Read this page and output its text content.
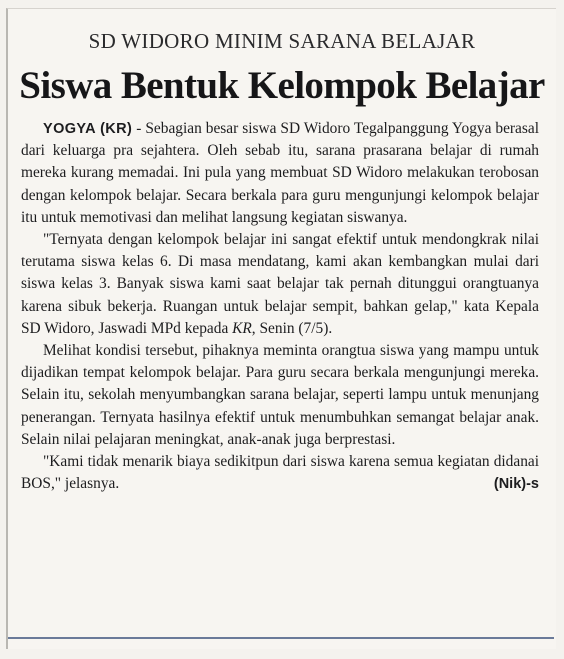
SD WIDORO MINIM SARANA BELAJAR
Siswa Bentuk Kelompok Belajar

YOGYA (KR) - Sebagian besar siswa SD Widoro Tegalpanggung Yogya berasal dari keluarga pra sejahtera. Oleh sebab itu, sarana prasarana belajar di rumah mereka kurang memadai. Ini pula yang membuat SD Widoro melakukan terobosan dengan kelompok belajar. Secara berkala para guru mengunjungi kelompok belajar itu untuk memotivasi dan melihat langsung kegiatan siswanya.

"Ternyata dengan kelompok belajar ini sangat efektif untuk mendongkrak nilai terutama siswa kelas 6. Di masa mendatang, kami akan kembangkan mulai dari siswa kelas 3. Banyak siswa kami saat belajar tak pernah ditunggui orangtuanya karena sibuk bekerja. Ruangan untuk belajar sempit, bahkan gelap," kata Kepala SD Widoro, Jaswadi MPd kepada KR, Senin (7/5).

Melihat kondisi tersebut, pihaknya meminta orangtua siswa yang mampu untuk dijadikan tempat kelompok belajar. Para guru secara berkala mengunjungi mereka. Selain itu, sekolah menyumbangkan sarana belajar, seperti lampu untuk menunjang penerangan. Ternyata hasilnya efektif untuk menumbuhkan semangat belajar anak. Selain nilai pelajaran meningkat, anak-anak juga berprestasi.

"Kami tidak menarik biaya sedikitpun dari siswa karena semua kegiatan didanai BOS," jelasnya.	(Nik)-s
